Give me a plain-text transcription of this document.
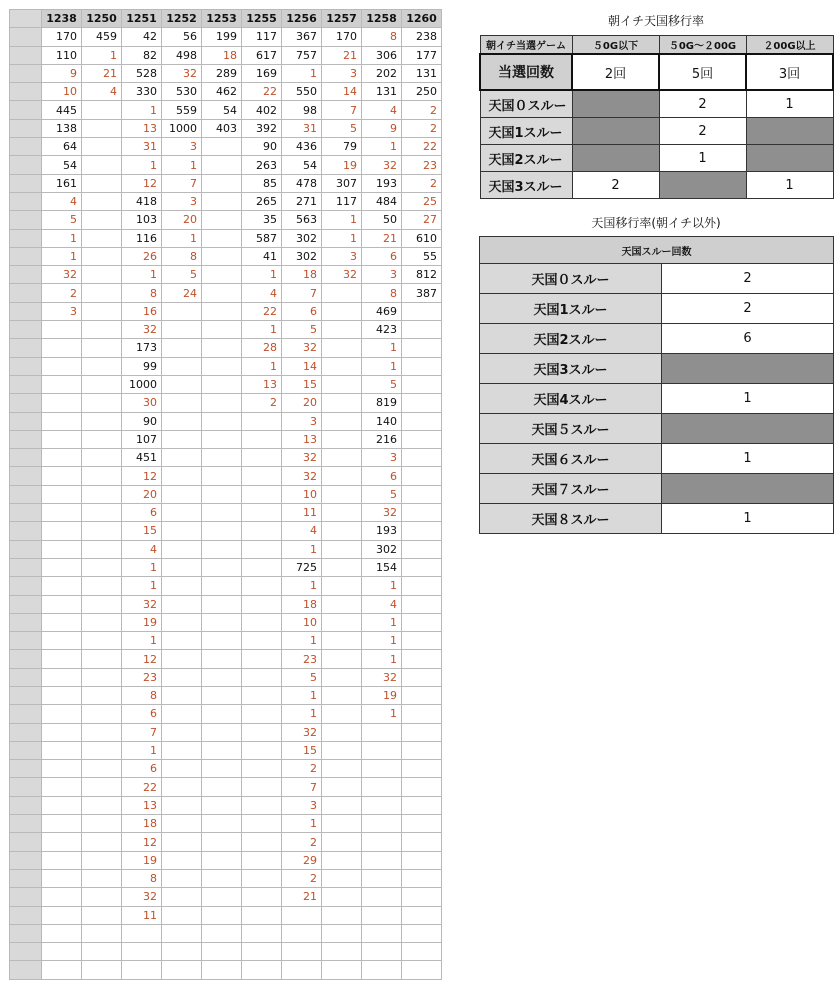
	1238	1250	1251	1252	1253	1255	1256	1257	1258	1260
	170	459	42	56	199	117	367	170	8	238
	110	1	82	498	18	617	757	21	306	177
	9	21	528	32	289	169	1	3	202	131
	10	4	330	530	462	22	550	14	131	250
	445		1	559	54	402	98	7	4	2
	138		13	1000	403	392	31	5	9	2
	64		31	3		90	436	79	1	22
	54		1	1		263	54	19	32	23
	161		12	7		85	478	307	193	2
	4		418	3		265	271	117	484	25
	5		103	20		35	563	1	50	27
	1		116	1		587	302	1	21	610
	1		26	8		41	302	3	6	55
	32		1	5		1	18	32	3	812
	2		8	24		4	7		8	387
	3		16			22	6		469	
			32			1	5		423	
			173			28	32		1	
			99			1	14		1	
			1000			13	15		5	
			30			2	20		819	
			90				3		140	
			107				13		216	
			451				32		3	
			12				32		6	
			20				10		5	
			6				11		32	
			15				4		193	
			4				1		302	
			1				725		154	
			1				1		1	
			32				18		4	
			19				10		1	
			1				1		1	
			12				23		1	
			23				5		32	
			8				1		19	
			6				1		1	
			7				32			
			1				15			
			6				2			
			22				7			
			13				3			
			18				1			
			12				2			
			19				29			
			8				2			
			32				21			
			11							

朝イチ天国移行率
朝イチ当選ゲーム	５0G以下	５0G〜２00G	２00G以上
当選回数	2回	5回	3回
天国０スルー		2	1
天国1スルー		2	
天国2スルー		1	
天国3スルー	2		1
天国移行率(朝イチ以外)
天国スルー回数	
天国０スルー	2
天国1スルー	2
天国2スルー	6
天国3スルー	
天国4スルー	1
天国５スルー	
天国６スルー	1
天国７スルー	
天国８スルー	1
